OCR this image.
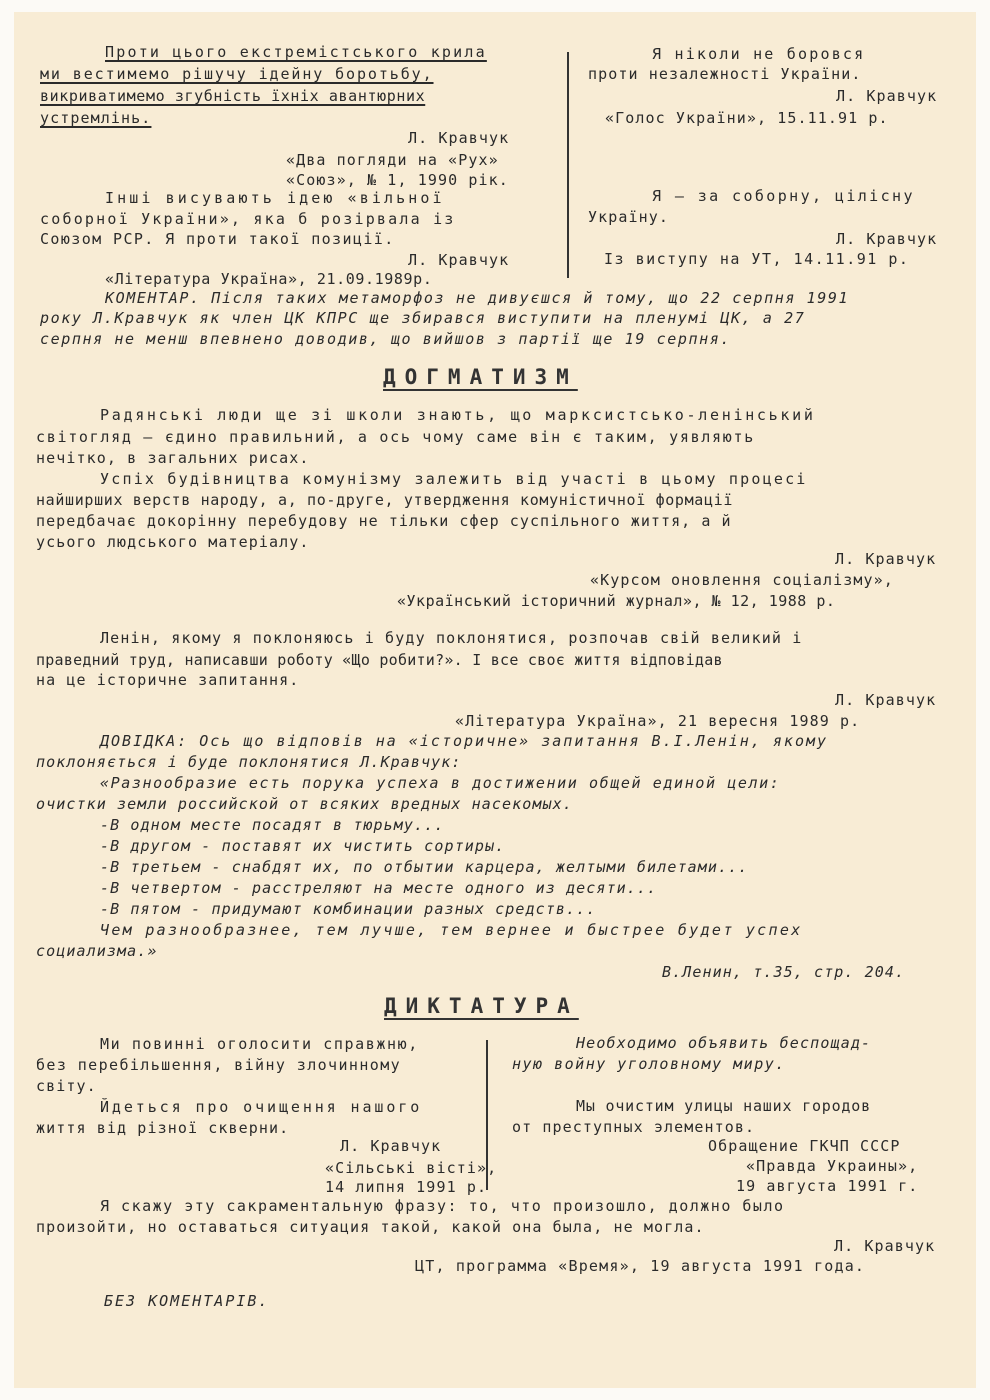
Проти цього екстреміcтського крила
ми вестимемо рішучу ідейну боротьбу,
викриватимемо згубність їхніх авантюрних
устремлінь.
Л. Кравчук
«Два погляди на «Рух»
«Союз», № 1, 1990 рік.
Інші висувають ідею «вільної
соборної України», яка б розірвала із
Союзом РСР. Я проти такої позиції.
Л. Кравчук
«Література Україна», 21.09.1989р.
Я ніколи не боровся
проти незалежності України.
Л. Кравчук
«Голос України», 15.11.91 р.
Я – за соборну, цілісну
Україну.
Л. Кравчук
Із виступу на УТ, 14.11.91 р.
КОМЕНТАР. Після таких метаморфоз не дивуєшся й тому, що 22 серпня 1991
року Л.Кравчук як член ЦК КПРС ще збирався виступити на пленумі ЦК, а 27
серпня не менш впевнено доводив, що вийшов з партії ще 19 серпня.
ДОГМАТИЗМ
Радянські люди ще зі школи знають, що марксистсько-ленінський
світогляд – єдино правильний, а ось чому саме він є таким, уявляють
нечітко, в загальних рисах.
Успіх будівництва комунізму залежить від участі в цьому процесі
найширших верств народу, а, по-друге, утвердження комуністичної формації
передбачає докорінну перебудову не тільки сфер суспільного життя, а й
усього людського матеріалу.
Л. Кравчук
«Курсом оновлення соціалізму»,
«Український історичний журнал», № 12, 1988 р.
Ленін, якому я поклоняюсь і буду поклонятися, розпочав свій великий і
праведний труд, написавши роботу «Що робити?». І все своє життя відповідав
на це історичне запитання.
Л. Кравчук
«Література Україна», 21 вересня 1989 р.
ДОВІДКА: Ось що відповів на «історичне» запитання В.І.Ленін, якому
поклоняється і буде поклонятися Л.Кравчук:
«Разнообразие есть порука успеха в достижении общей единой цели:
очистки земли российской от всяких вредных насекомых.
-В одном месте посадят в тюрьму...
-В другом - поставят их чистить сортиры.
-В третьем - снабдят их, по отбытии карцера, желтыми билетами...
-В четвертом - расстреляют на месте одного из десяти...
-В пятом - придумают комбинации разных средств...
Чем разнообразнее, тем лучше, тем вернее и быстрее будет успех
социализма.»
В.Ленин, т.35, стр. 204.
ДИКТАТУРА
Ми повинні оголосити справжню,
без перебільшення, війну злочинному
світу.
Йдеться про очищення нашого
життя від різної скверни.
Л. Кравчук
«Сільські вісті»,
14 липня 1991 р.
Необходимо объявить беспощад-
ную войну уголовному миру.
Мы очистим улицы наших городов
от преступных элементов.
Обращение ГКЧП СССР
«Правда Украины»,
19 августа 1991 г.
Я скажу эту сакраментальную фразу: то, что произошло, должно было
произойти, но оставаться ситуация такой, какой она была, не могла.
Л. Кравчук
ЦТ, программа «Время», 19 августа 1991 года.
БЕЗ КОМЕНТАРІВ.
